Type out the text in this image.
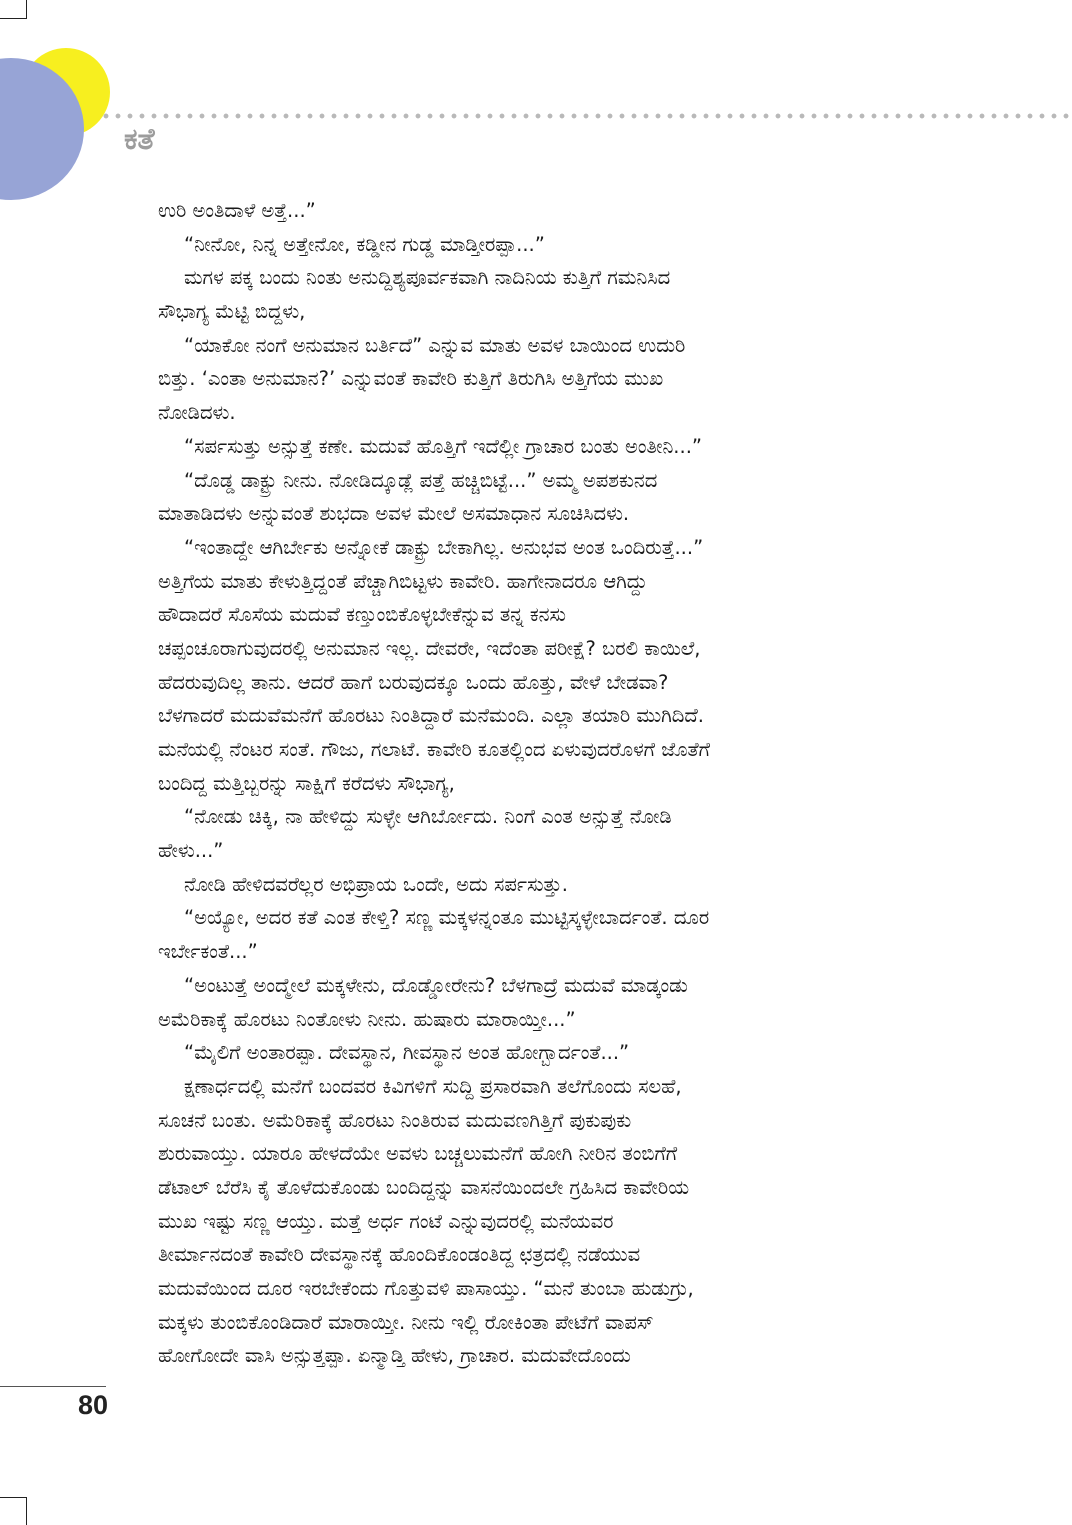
ಕತೆ
ಉರಿ ಅಂತಿದಾಳೆ ಅತ್ತೆ...”
“ನೀನೋ, ನಿನ್ನ ಅತ್ತೇನೋ, ಕಡ್ಡೀನ ಗುಡ್ಡ ಮಾಡ್ತೀರಪ್ಪಾ...”
ಮಗಳ ಪಕ್ಕ ಬಂದು ನಿಂತು ಅನುದ್ದಿಶ್ಯಪೂರ್ವಕವಾಗಿ ನಾದಿನಿಯ ಕುತ್ತಿಗೆ ಗಮನಿಸಿದ
ಸೌಭಾಗ್ಯ ಮೆಟ್ಟಿ ಬಿದ್ದಳು,
“ಯಾಕೋ ನಂಗೆ ಅನುಮಾನ ಬರ್ತಿದೆ” ಎನ್ನುವ ಮಾತು ಅವಳ ಬಾಯಿಂದ ಉದುರಿ
ಬಿತ್ತು. ‘ಎಂತಾ ಅನುಮಾನ?’ ಎನ್ನುವಂತೆ ಕಾವೇರಿ ಕುತ್ತಿಗೆ ತಿರುಗಿಸಿ ಅತ್ತಿಗೆಯ ಮುಖ
ನೋಡಿದಳು.
“ಸರ್ಪಸುತ್ತು ಅನ್ಸುತ್ತೆ ಕಣೇ. ಮದುವೆ ಹೊತ್ತಿಗೆ ಇದೆಲ್ಲೀ ಗ್ರಾಚಾರ ಬಂತು ಅಂತೀನಿ...”
“ದೊಡ್ಡ ಡಾಕ್ಟ್ರು ನೀನು. ನೋಡಿದ್ಕೂಡ್ಲೆ ಪತ್ತೆ ಹಚ್ಚಿಬಿಟ್ಟೆ...” ಅಮ್ಮ ಅಪಶಕುನದ
ಮಾತಾಡಿದಳು ಅನ್ನುವಂತೆ ಶುಭದಾ ಅವಳ ಮೇಲೆ ಅಸಮಾಧಾನ ಸೂಚಿಸಿದಳು.
“ಇಂತಾದ್ದೇ ಆಗಿರ್ಬೇಕು ಅನ್ನೋಕೆ ಡಾಕ್ಟ್ರು ಬೇಕಾಗಿಲ್ಲ. ಅನುಭವ ಅಂತ ಒಂದಿರುತ್ತೆ...”
ಅತ್ತಿಗೆಯ ಮಾತು ಕೇಳುತ್ತಿದ್ದಂತೆ ಪೆಚ್ಚಾಗಿಬಿಟ್ಟಳು ಕಾವೇರಿ. ಹಾಗೇನಾದರೂ ಆಗಿದ್ದು
ಹೌದಾದರೆ ಸೊಸೆಯ ಮದುವೆ ಕಣ್ತುಂಬಿಕೊಳ್ಳಬೇಕೆನ್ನುವ ತನ್ನ ಕನಸು
ಚಪ್ಪಂಚೂರಾಗುವುದರಲ್ಲಿ ಅನುಮಾನ ಇಲ್ಲ. ದೇವರೇ, ಇದೆಂತಾ ಪರೀಕ್ಷೆ? ಬರಲಿ ಕಾಯಿಲೆ,
ಹೆದರುವುದಿಲ್ಲ ತಾನು. ಆದರೆ ಹಾಗೆ ಬರುವುದಕ್ಕೂ ಒಂದು ಹೊತ್ತು, ವೇಳೆ ಬೇಡವಾ?
ಬೆಳಗಾದರೆ ಮದುವೆಮನೆಗೆ ಹೊರಟು ನಿಂತಿದ್ದಾರೆ ಮನೆಮಂದಿ. ಎಲ್ಲಾ ತಯಾರಿ ಮುಗಿದಿದೆ.
ಮನೆಯಲ್ಲಿ ನೆಂಟರ ಸಂತೆ. ಗೌಜು, ಗಲಾಟೆ. ಕಾವೇರಿ ಕೂತಲ್ಲಿಂದ ಏಳುವುದರೊಳಗೆ ಜೊತೆಗೆ
ಬಂದಿದ್ದ ಮತ್ತಿಬ್ಬರನ್ನು ಸಾಕ್ಷಿಗೆ ಕರೆದಳು ಸೌಭಾಗ್ಯ,
“ನೋಡು ಚಿಕ್ಕಿ, ನಾ ಹೇಳಿದ್ದು ಸುಳ್ಳೇ ಆಗಿರ್ಬೋದು. ನಿಂಗೆ ಎಂತ ಅನ್ಸುತ್ತೆ ನೋಡಿ
ಹೇಳು...”
ನೋಡಿ ಹೇಳಿದವರೆಲ್ಲರ ಅಭಿಪ್ರಾಯ ಒಂದೇ, ಅದು ಸರ್ಪಸುತ್ತು.
“ಅಯ್ಯೋ, ಅದರ ಕತೆ ಎಂತ ಕೇಳ್ತಿ? ಸಣ್ಣ ಮಕ್ಕಳನ್ನಂತೂ ಮುಟ್ಟಿಸ್ಕಳ್ಳೇಬಾರ್ದಂತೆ. ದೂರ
ಇರ್ಬೇಕಂತೆ...”
“ಅಂಟುತ್ತೆ ಅಂದ್ಮೇಲೆ ಮಕ್ಕಳೇನು, ದೊಡ್ಡೋರೇನು? ಬೆಳಗಾದ್ರೆ ಮದುವೆ ಮಾಡ್ಕಂಡು
ಅಮೆರಿಕಾಕ್ಕೆ ಹೊರಟು ನಿಂತೋಳು ನೀನು. ಹುಷಾರು ಮಾರಾಯ್ತೀ...”
“ಮೈಲಿಗೆ ಅಂತಾರಪ್ಪಾ. ದೇವಸ್ಥಾನ, ಗೀವಸ್ಥಾನ ಅಂತ ಹೋಗ್ಬಾರ್ದಂತೆ...”
ಕ್ಷಣಾರ್ಧದಲ್ಲಿ ಮನೆಗೆ ಬಂದವರ ಕಿವಿಗಳಿಗೆ ಸುದ್ದಿ ಪ್ರಸಾರವಾಗಿ ತಲೆಗೊಂದು ಸಲಹೆ,
ಸೂಚನೆ ಬಂತು. ಅಮೆರಿಕಾಕ್ಕೆ ಹೊರಟು ನಿಂತಿರುವ ಮದುವಣಗಿತ್ತಿಗೆ ಪುಕುಪುಕು
ಶುರುವಾಯ್ತು. ಯಾರೂ ಹೇಳದೆಯೇ ಅವಳು ಬಚ್ಚಲುಮನೆಗೆ ಹೋಗಿ ನೀರಿನ ತಂಬಿಗೆಗೆ
ಡೆಟಾಲ್ ಬೆರೆಸಿ ಕೈ ತೊಳೆದುಕೊಂಡು ಬಂದಿದ್ದನ್ನು ವಾಸನೆಯಿಂದಲೇ ಗ್ರಹಿಸಿದ ಕಾವೇರಿಯ
ಮುಖ ಇಷ್ಟು ಸಣ್ಣ ಆಯ್ತು. ಮತ್ತೆ ಅರ್ಧ ಗಂಟೆ ಎನ್ನುವುದರಲ್ಲಿ ಮನೆಯವರ
ತೀರ್ಮಾನದಂತೆ ಕಾವೇರಿ ದೇವಸ್ಥಾನಕ್ಕೆ ಹೊಂದಿಕೊಂಡಂತಿದ್ದ ಛತ್ರದಲ್ಲಿ ನಡೆಯುವ
ಮದುವೆಯಿಂದ ದೂರ ಇರಬೇಕೆಂದು ಗೊತ್ತುವಳಿ ಪಾಸಾಯ್ತು. “ಮನೆ ತುಂಬಾ ಹುಡುಗ್ರು,
ಮಕ್ಕಳು ತುಂಬಿಕೊಂಡಿದಾರೆ ಮಾರಾಯ್ತೀ. ನೀನು ಇಲ್ಲಿ ರೋಕಿಂತಾ ಪೇಟೆಗೆ ವಾಪಸ್
ಹೋಗೋದೇ ವಾಸಿ ಅನ್ಸುತ್ತಪ್ಪಾ. ಏನ್ಮಾಡ್ತಿ ಹೇಳು, ಗ್ರಾಚಾರ. ಮದುವೇದೊಂದು
80
